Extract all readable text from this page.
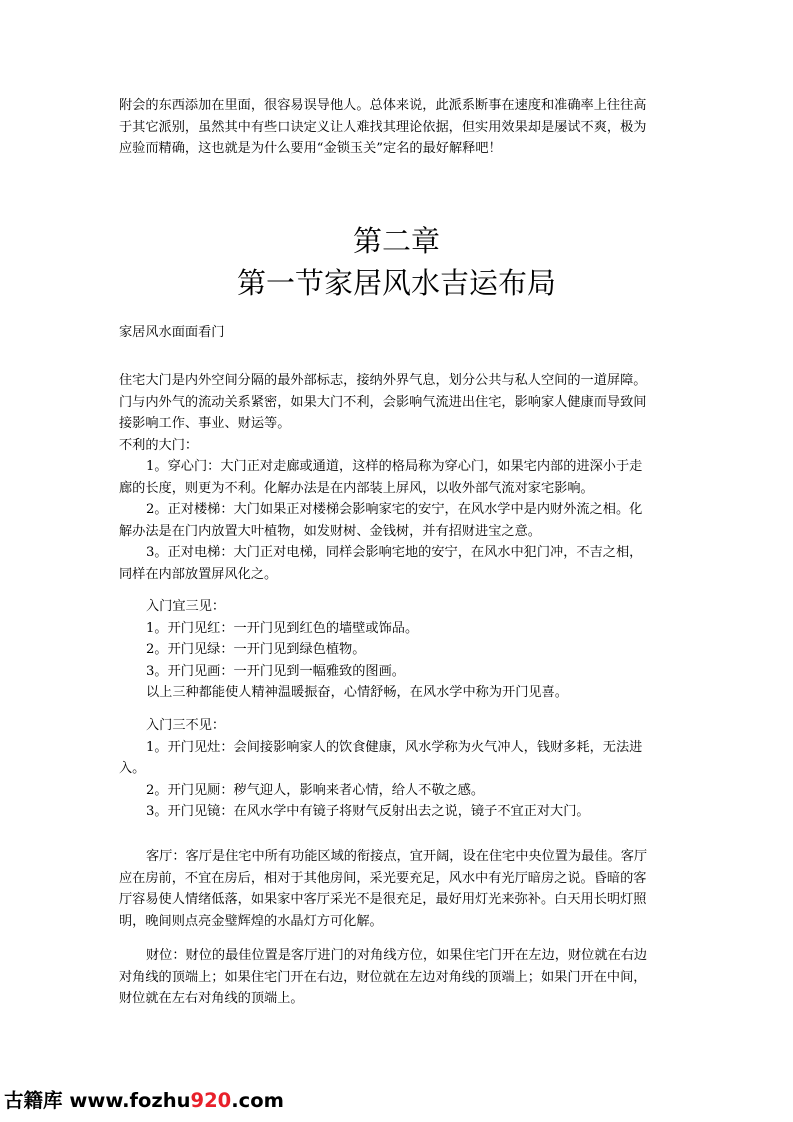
附会的东西添加在里面，很容易误导他人。总体来说，此派系断事在速度和准确率上往往高
于其它派别，虽然其中有些口诀定义让人难找其理论依据，但实用效果却是屡试不爽，极为
应验而精确，这也就是为什么要用“金锁玉关”定名的最好解释吧！
第二章
第一节家居风水吉运布局
家居风水面面看门
住宅大门是内外空间分隔的最外部标志，接纳外界气息，划分公共与私人空间的一道屏障。
门与内外气的流动关系紧密，如果大门不利，会影响气流进出住宅，影响家人健康而导致间
接影响工作、事业、财运等。
不利的大门：
1。穿心门：大门正对走廊或通道，这样的格局称为穿心门，如果宅内部的进深小于走
廊的长度，则更为不利。化解办法是在内部装上屏风，以收外部气流对家宅影响。
2。正对楼梯：大门如果正对楼梯会影响家宅的安宁，在风水学中是内财外流之相。化
解办法是在门内放置大叶植物，如发财树、金钱树，并有招财进宝之意。
3。正对电梯：大门正对电梯，同样会影响宅地的安宁，在风水中犯门冲，不吉之相，
同样在内部放置屏风化之。
入门宜三见：
1。开门见红：一开门见到红色的墙壁或饰品。
2。开门见绿：一开门见到绿色植物。
3。开门见画：一开门见到一幅雅致的图画。
以上三种都能使人精神温暖振奋，心情舒畅，在风水学中称为开门见喜。
入门三不见：
1。开门见灶：会间接影响家人的饮食健康，风水学称为火气冲人，钱财多耗，无法进
入。
2。开门见厕：秽气迎人，影响来者心情，给人不敬之感。
3。开门见镜：在风水学中有镜子将财气反射出去之说，镜子不宜正对大门。
客厅：客厅是住宅中所有功能区域的衔接点，宜开阔，设在住宅中央位置为最佳。客厅
应在房前，不宜在房后，相对于其他房间，采光要充足，风水中有光厅暗房之说。昏暗的客
厅容易使人情绪低落，如果家中客厅采光不是很充足，最好用灯光来弥补。白天用长明灯照
明，晚间则点亮金璧辉煌的水晶灯方可化解。
财位：财位的最佳位置是客厅进门的对角线方位，如果住宅门开在左边，财位就在右边
对角线的顶端上；如果住宅门开在右边，财位就在左边对角线的顶端上；如果门开在中间，
财位就在左右对角线的顶端上。
古籍库 www.fozhu920.com
